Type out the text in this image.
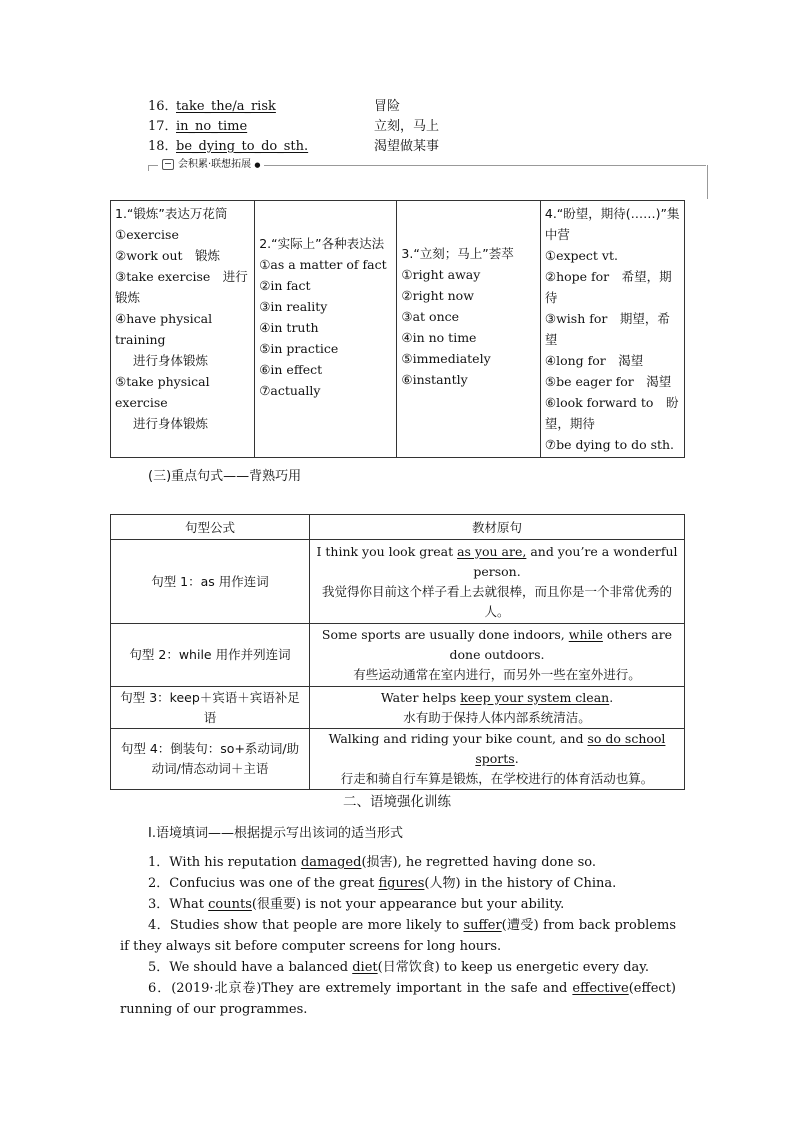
16．take_the/a_risk	冒险
17．in_no_time	立刻，马上
18．be_dying_to_do_sth.	渴望做某事
会积累·联想拓展 ●
1.“锻炼”表达万花筒
①exercise
②work out　锻炼
③take exercise　进行锻炼
④have physical training
进行身体锻炼
⑤take physical exercise
进行身体锻炼

2.“实际上”各种表达法
①as a matter of fact
②in fact
③in reality
④in truth
⑤in practice
⑥in effect
⑦actually

3.“立刻；马上”荟萃
①right away
②right now
③at once
④in no time
⑤immediately
⑥instantly

4.“盼望，期待(……)”集中营
①expect vt.
②hope for　希望，期待
③wish for　期望，希望
④long for　渴望
⑤be eager for　渴望
⑥look forward to　盼望，期待
⑦be dying to do sth.
(三)重点句式——背熟巧用
句型公式	教材原句
句型 1：as 用作连词	I think you look great as you are, and you’re a wonderful person.
我觉得你目前这个样子看上去就很棒，而且你是一个非常优秀的人。

句型 2：while 用作并列连词	Some sports are usually done indoors, while others are done outdoors.
有些运动通常在室内进行，而另外一些在室外进行。

句型 3：keep＋宾语＋宾语补足语	Water helps keep your system clean.
水有助于保持人体内部系统清洁。

句型 4：倒装句：so+系动词/助动词/情态动词＋主语	Walking and riding your bike count, and so do school sports.
行走和骑自行车算是锻炼，在学校进行的体育活动也算。
二、语境强化训练
Ⅰ.语境填词——根据提示写出该词的适当形式
1．With his reputation damaged(损害), he regretted having done so.
2．Confucius was one of the great figures(人物) in the history of China.
3．What counts(很重要) is not your appearance but your ability.
4．Studies show that people are more likely to suffer(遭受) from back problems if they always sit before computer screens for long hours.
5．We should have a balanced diet(日常饮食) to keep us energetic every day.
6．(2019·北京卷)They are extremely important in the safe and effective(effect) running of our programmes.
